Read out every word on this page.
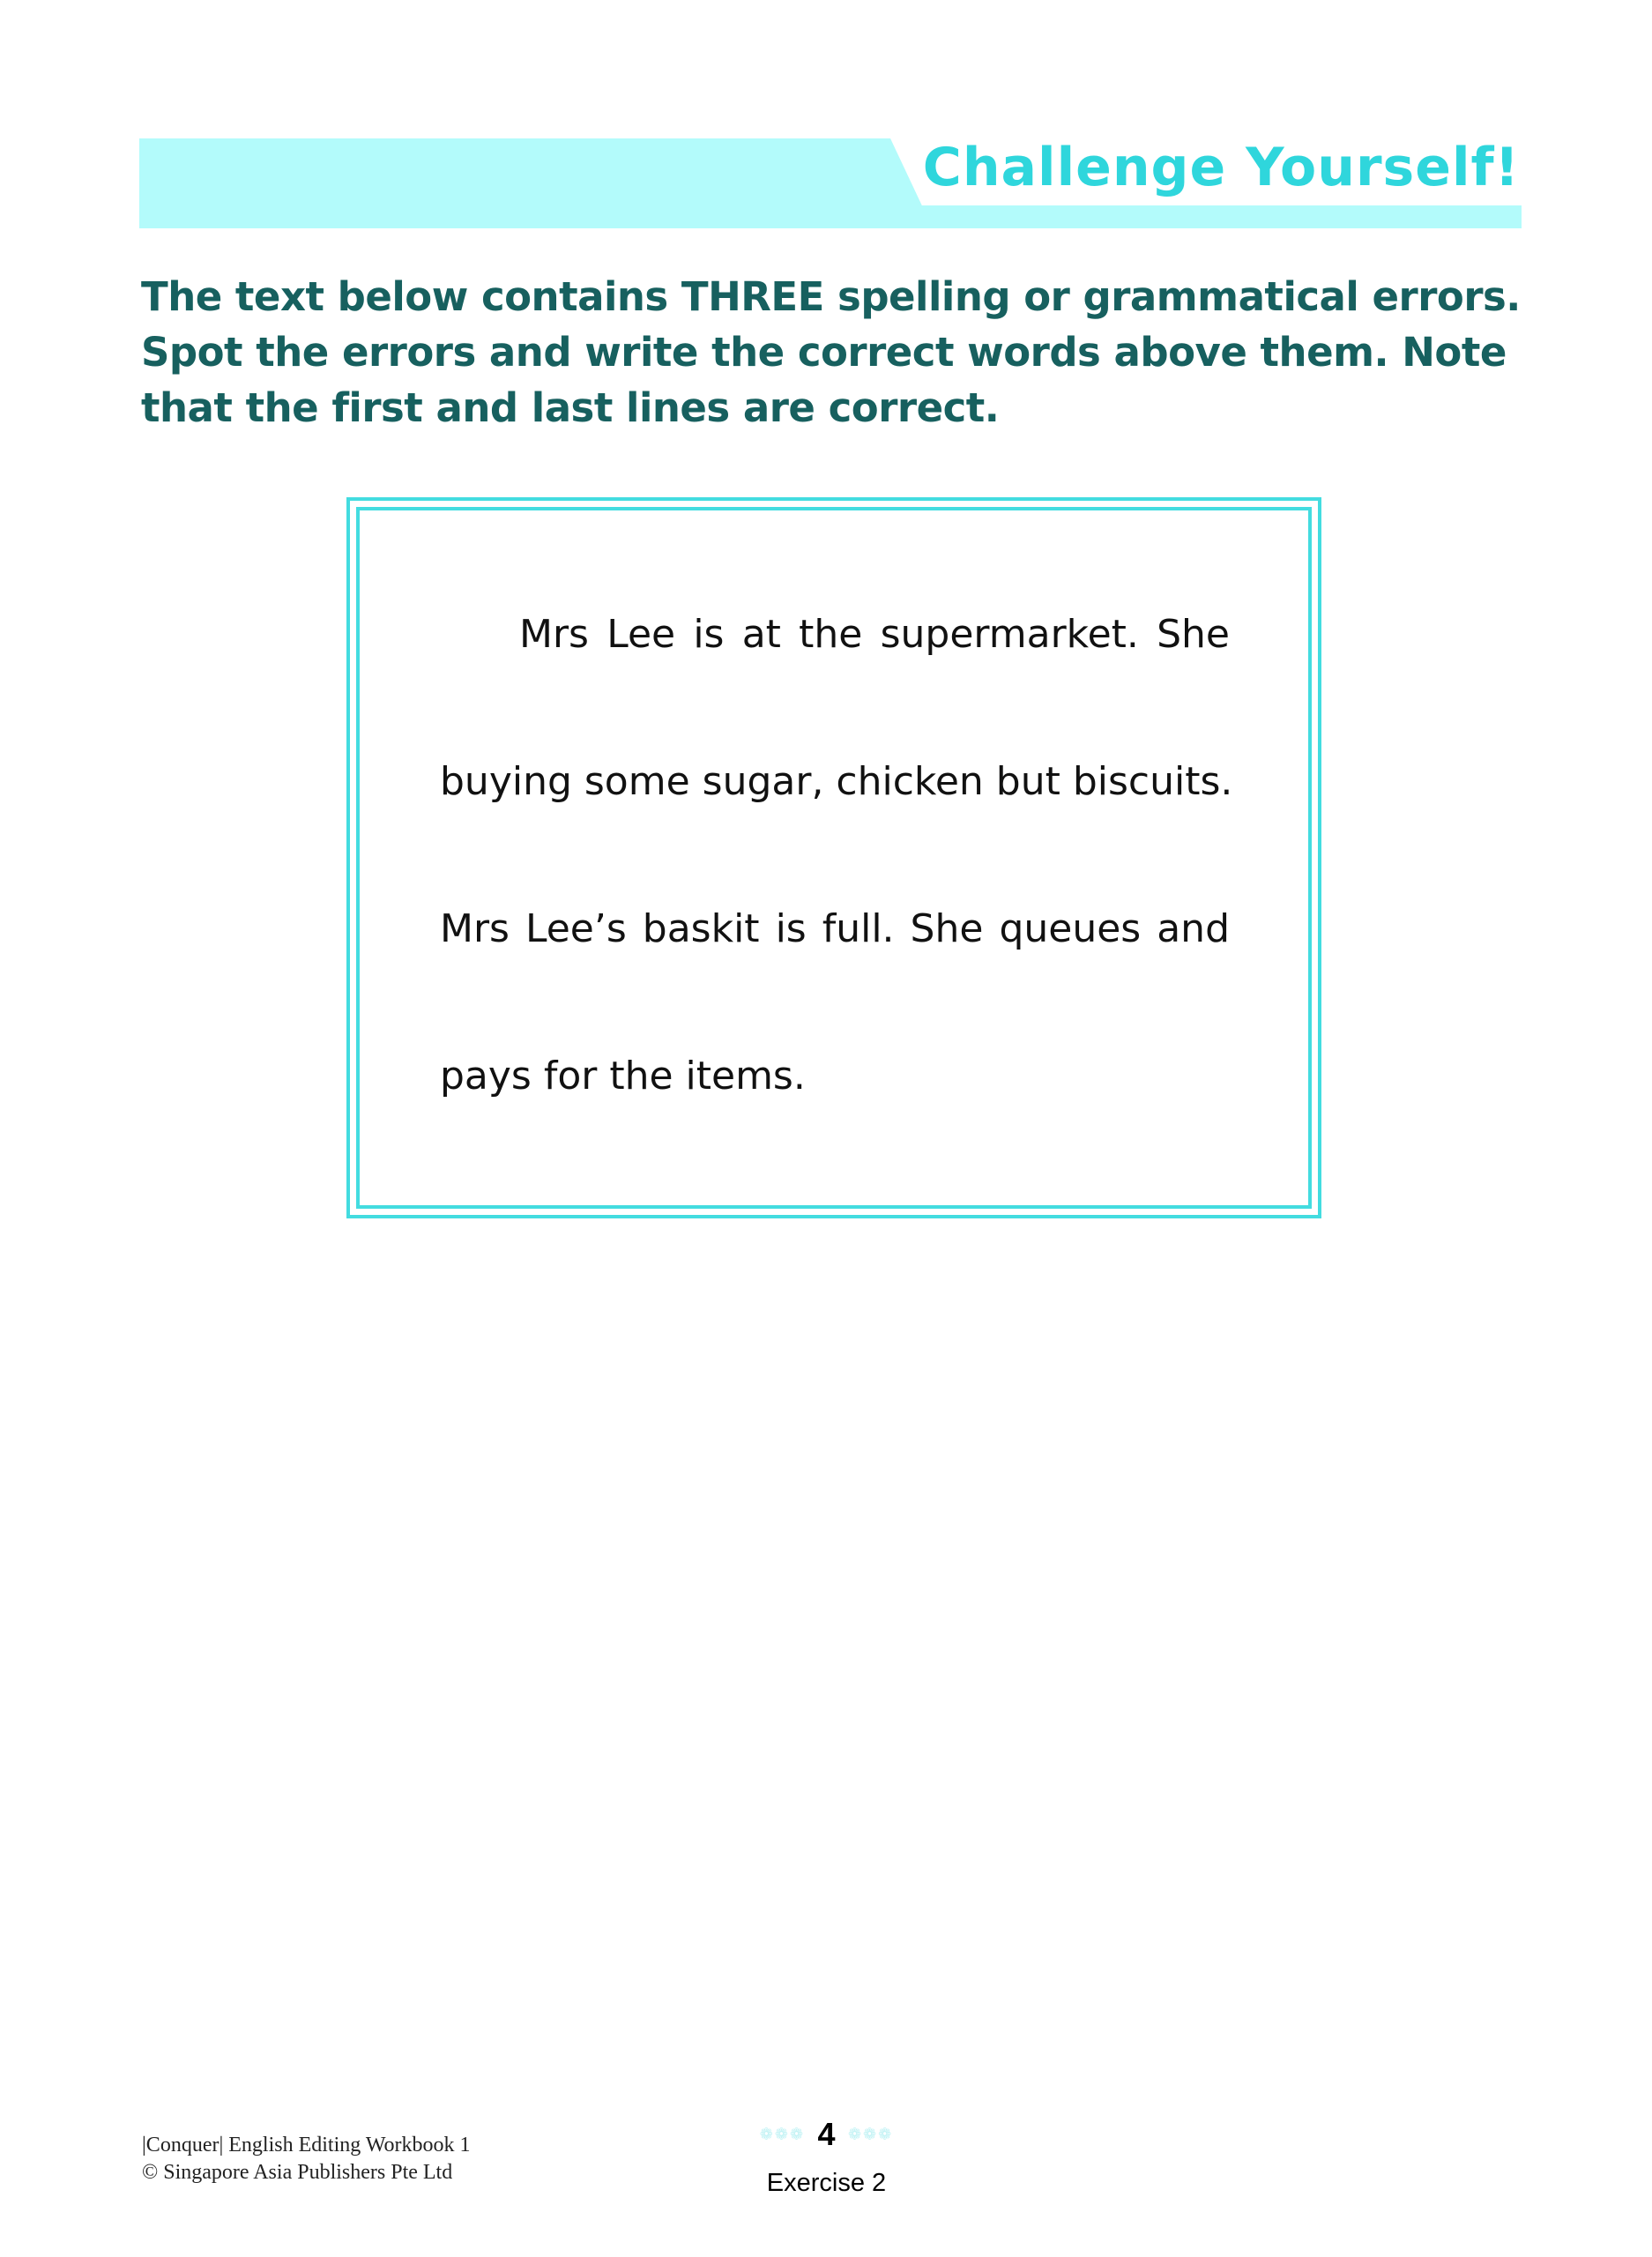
Challenge Yourself!
The text below contains THREE spelling or grammatical errors. Spot the errors and write the correct words above them. Note that the first and last lines are correct.
Mrs Lee is at the supermarket. She
buying some sugar, chicken but biscuits.
Mrs Lee’s baskit is full. She queues and
pays for the items.
|Conquer| English Editing Workbook 1
© Singapore Asia Publishers Pte Ltd
❁❁❁ 4 ❁❁❁
Exercise 2
